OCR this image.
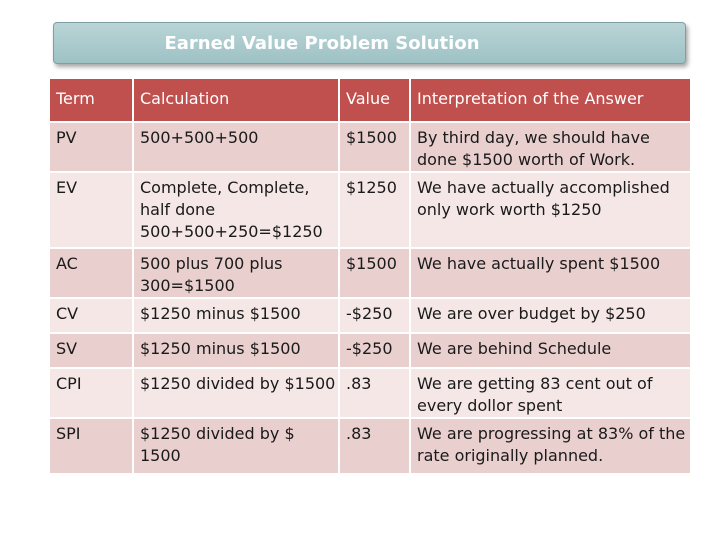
Earned Value Problem Solution
Term	Calculation	Value	Interpretation of the Answer
PV	500+500+500	$1500	By third day, we should have done $1500 worth of Work.
EV	Complete, Complete, half done 500+500+250=$1250	$1250	We have actually accomplished only work worth $1250
AC	500 plus 700 plus 300=$1500	$1500	We have actually spent $1500
CV	$1250 minus $1500	-$250	We are over budget by $250
SV	$1250 minus $1500	-$250	We are behind Schedule
CPI	$1250 divided by $1500	.83	We are getting 83 cent out of every dollor spent
SPI	$1250 divided by $ 1500	.83	We are progressing at 83% of the rate originally planned.
